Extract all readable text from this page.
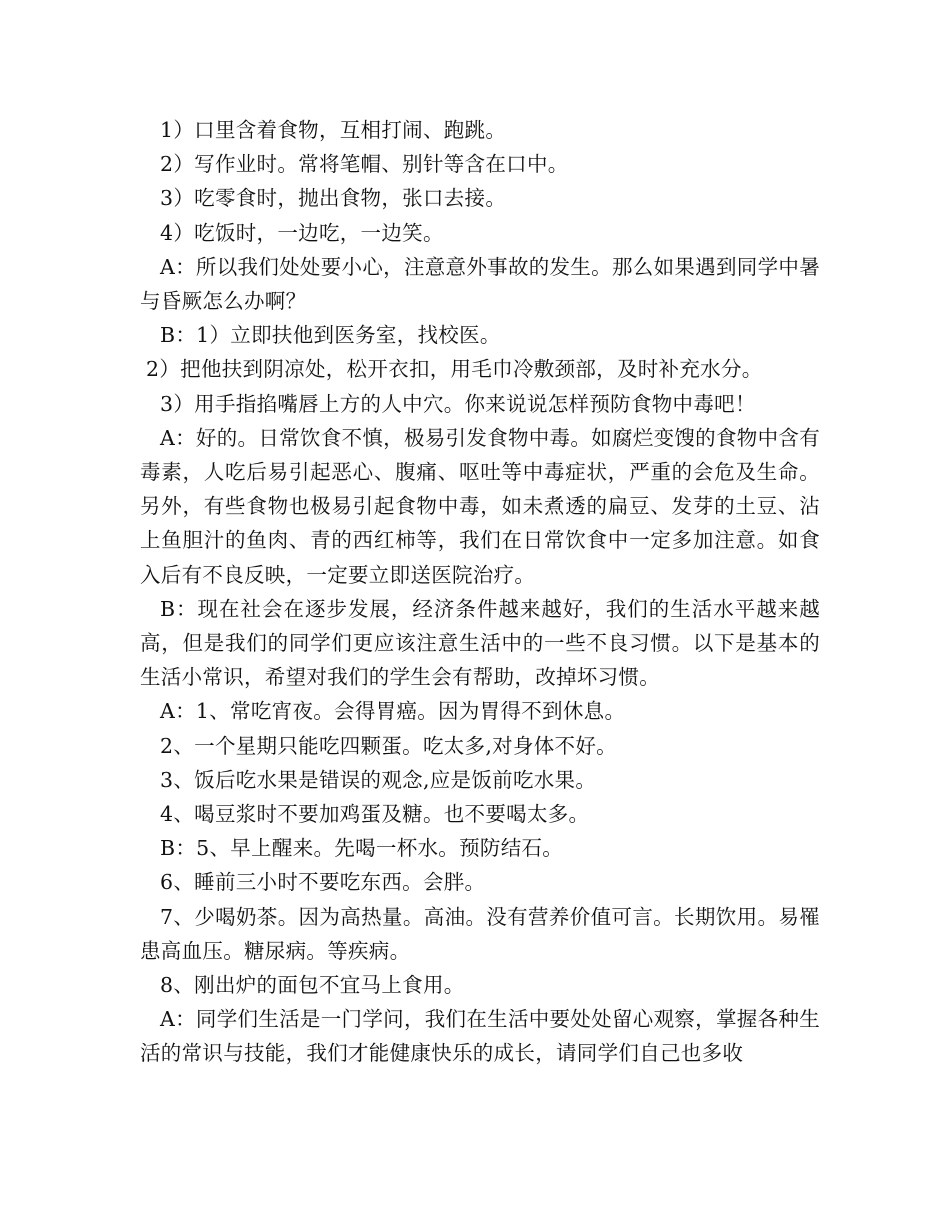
1）口里含着食物，互相打闹、跑跳。

2）写作业时。常将笔帽、别针等含在口中。

3）吃零食时，抛出食物，张口去接。

4）吃饭时，一边吃，一边笑。

A：所以我们处处要小心，注意意外事故的发生。那么如果遇到同学中暑与昏厥怎么办啊？

B：1）立即扶他到医务室，找校医。

2）把他扶到阴凉处，松开衣扣，用毛巾冷敷颈部，及时补充水分。

3）用手指掐嘴唇上方的人中穴。你来说说怎样预防食物中毒吧！

A：好的。日常饮食不慎，极易引发食物中毒。如腐烂变馊的食物中含有毒素，人吃后易引起恶心、腹痛、呕吐等中毒症状，严重的会危及生命。另外，有些食物也极易引起食物中毒，如未煮透的扁豆、发芽的土豆、沾上鱼胆汁的鱼肉、青的西红柿等，我们在日常饮食中一定多加注意。如食入后有不良反映，一定要立即送医院治疗。

B：现在社会在逐步发展，经济条件越来越好，我们的生活水平越来越高，但是我们的同学们更应该注意生活中的一些不良习惯。以下是基本的生活小常识，希望对我们的学生会有帮助，改掉坏习惯。

A：1、常吃宵夜。会得胃癌。因为胃得不到休息。

2、一个星期只能吃四颗蛋。吃太多,对身体不好。

3、饭后吃水果是错误的观念,应是饭前吃水果。

4、喝豆浆时不要加鸡蛋及糖。也不要喝太多。

B：5、早上醒来。先喝一杯水。预防结石。

6、睡前三小时不要吃东西。会胖。

7、少喝奶茶。因为高热量。高油。没有营养价值可言。长期饮用。易罹患高血压。糖尿病。等疾病。

8、刚出炉的面包不宜马上食用。

A：同学们生活是一门学问，我们在生活中要处处留心观察，掌握各种生活的常识与技能，我们才能健康快乐的成长，请同学们自己也多收
